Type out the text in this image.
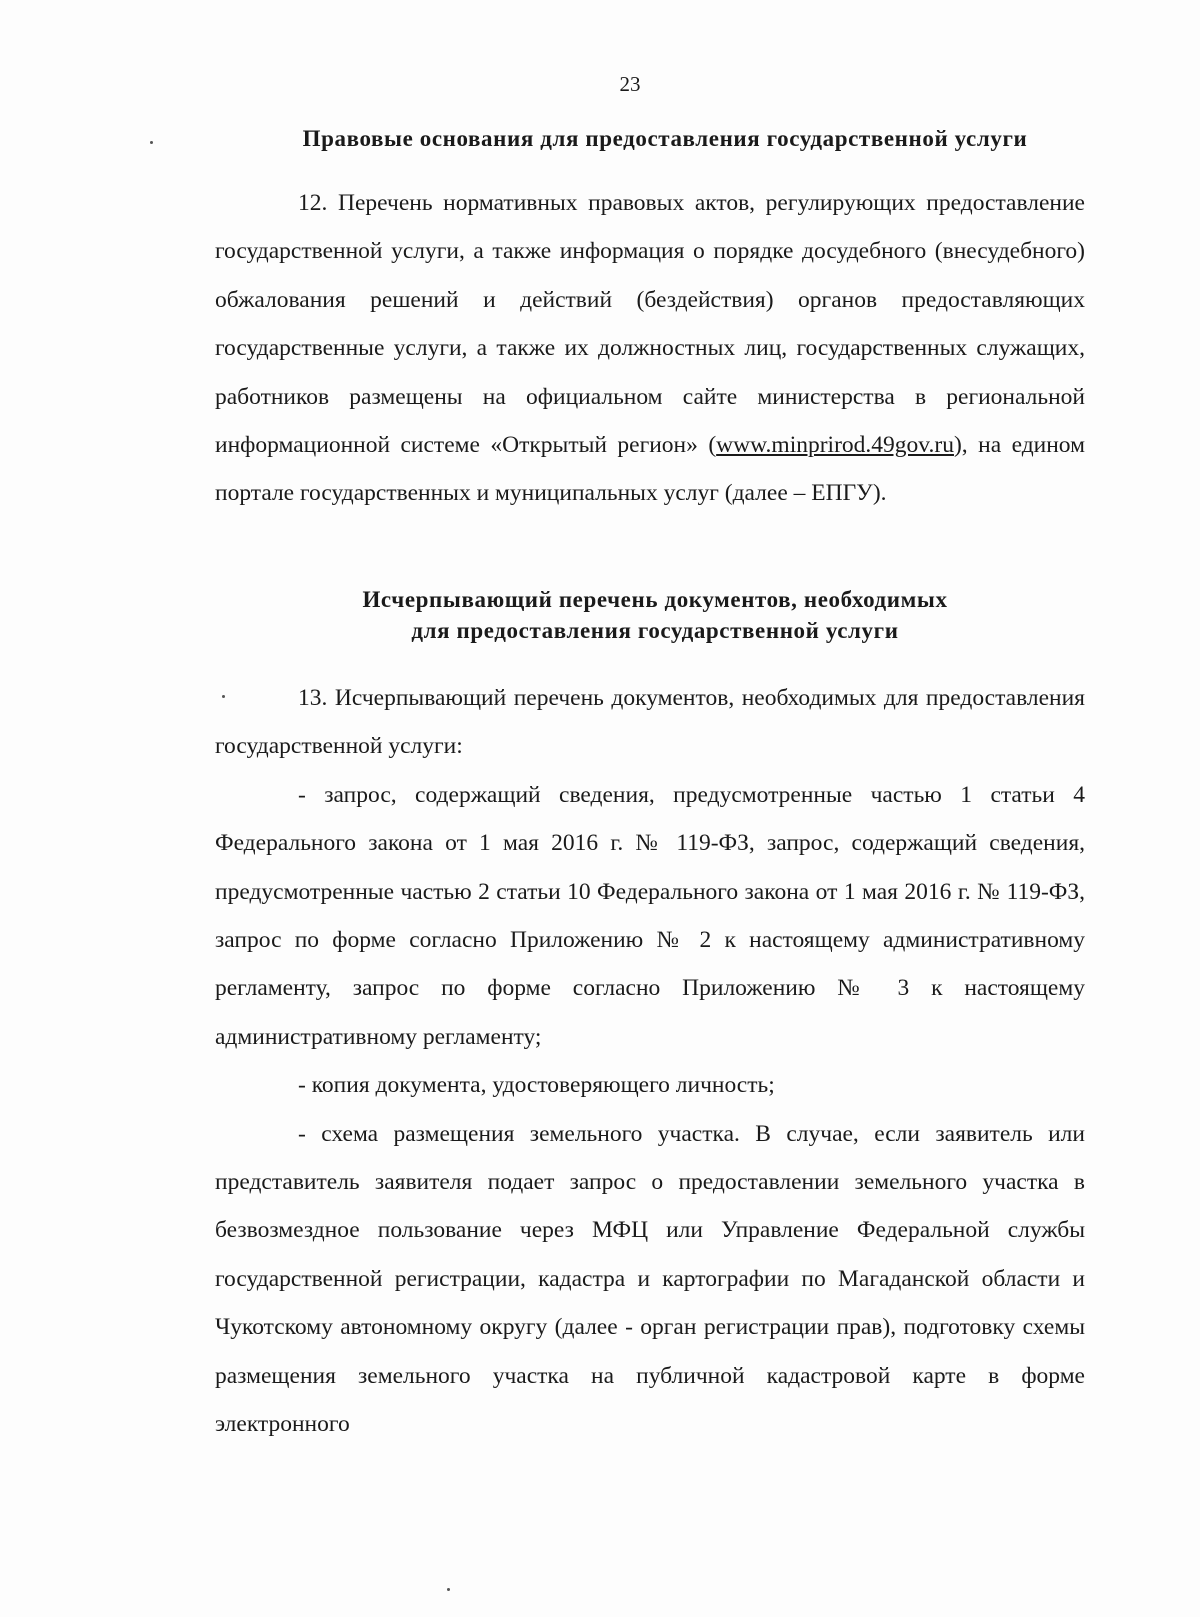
23
Правовые основания для предоставления государственной услуги

12. Перечень нормативных правовых актов, регулирующих предоставление государственной услуги, а также информация о порядке досудебного (внесудебного) обжалования решений и действий (бездействия) органов предоставляющих государственные услуги, а также их должностных лиц, государственных служащих, работников размещены на официальном сайте министерства в региональной информационной системе «Открытый регион» (www.minprirod.49gov.ru), на едином портале государственных и муниципальных услуг (далее – ЕПГУ).

Исчерпывающий перечень документов, необходимых
для предоставления государственной услуги

13. Исчерпывающий перечень документов, необходимых для предоставления государственной услуги:

- запрос, содержащий сведения, предусмотренные частью 1 статьи 4 Федерального закона от 1 мая 2016 г. № 119-ФЗ, запрос, содержащий сведения, предусмотренные частью 2 статьи 10 Федерального закона от 1 мая 2016 г. № 119-ФЗ, запрос по форме согласно Приложению № 2 к настоящему административному регламенту, запрос по форме согласно Приложению № 3 к настоящему административному регламенту;

- копия документа, удостоверяющего личность;

- схема размещения земельного участка. В случае, если заявитель или представитель заявителя подает запрос о предоставлении земельного участка в безвозмездное пользование через МФЦ или Управление Федеральной службы государственной регистрации, кадастра и картографии по Магаданской области и Чукотскому автономному округу (далее - орган регистрации прав), подготовку схемы размещения земельного участка на публичной кадастровой карте в форме электронного
